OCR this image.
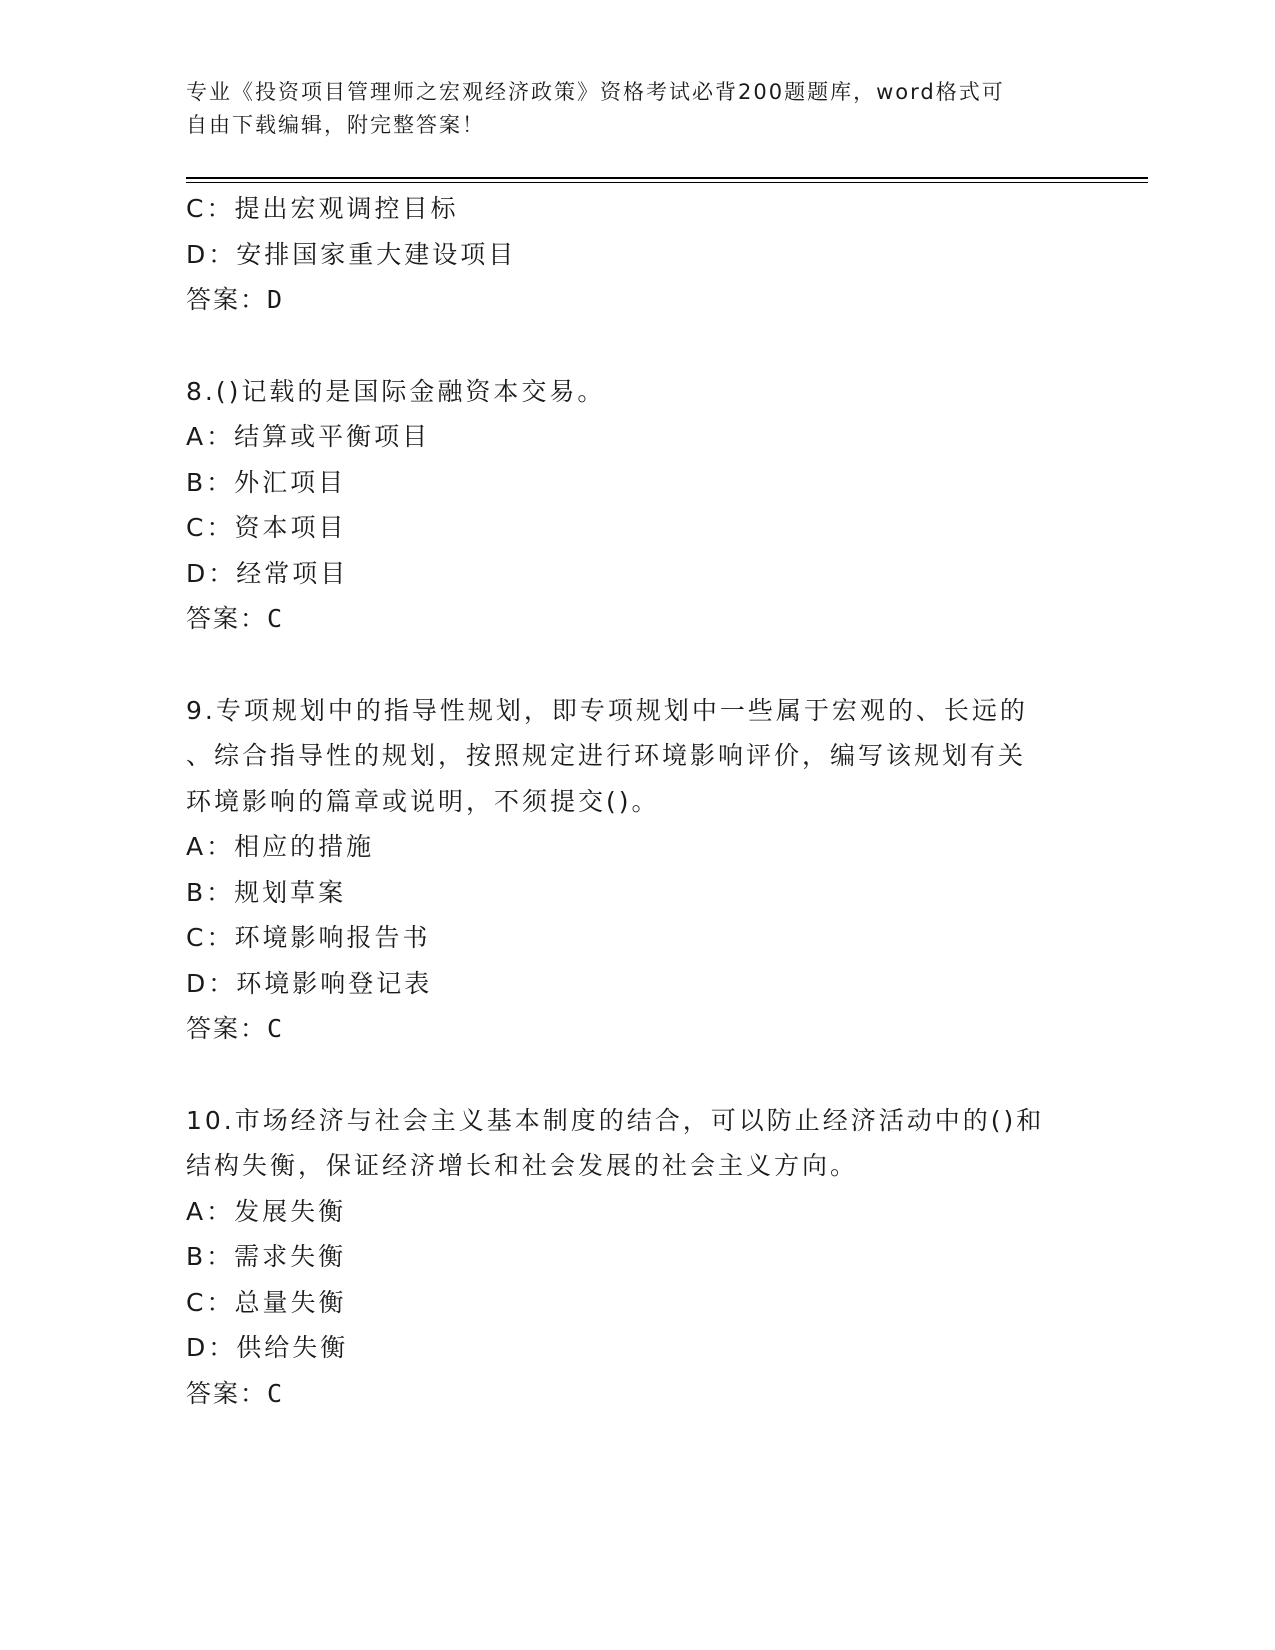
专业《投资项目管理师之宏观经济政策》资格考试必背200题题库，word格式可
自由下载编辑，附完整答案！
C：提出宏观调控目标
D：安排国家重大建设项目
答案：D
8.()记载的是国际金融资本交易。
A：结算或平衡项目
B：外汇项目
C：资本项目
D：经常项目
答案：C
9.专项规划中的指导性规划，即专项规划中一些属于宏观的、长远的
、综合指导性的规划，按照规定进行环境影响评价，编写该规划有关
环境影响的篇章或说明，不须提交()。
A：相应的措施
B：规划草案
C：环境影响报告书
D：环境影响登记表
答案：C
10.市场经济与社会主义基本制度的结合，可以防止经济活动中的()和
结构失衡，保证经济增长和社会发展的社会主义方向。
A：发展失衡
B：需求失衡
C：总量失衡
D：供给失衡
答案：C
